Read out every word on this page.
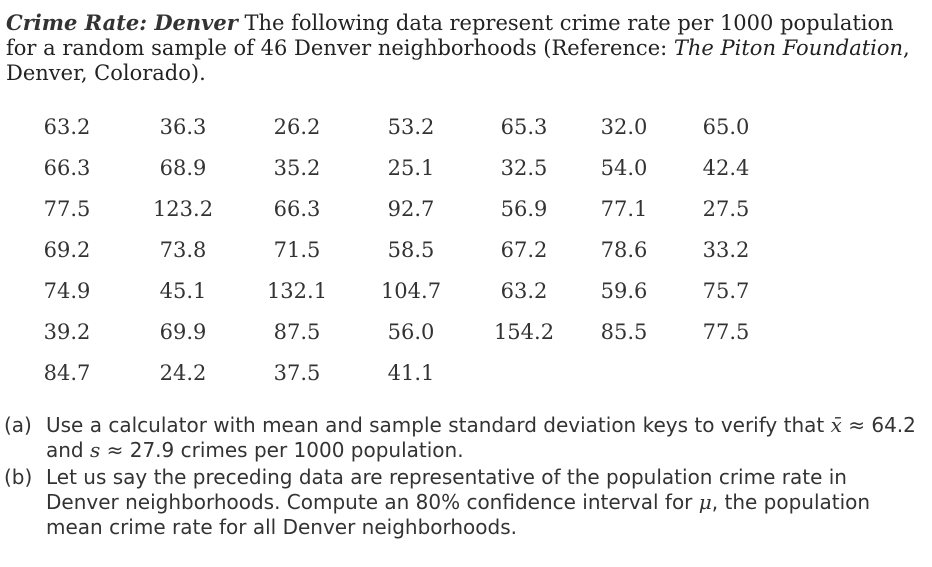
Crime Rate: Denver The following data represent crime rate per 1000 population for a random sample of 46 Denver neighborhoods (Reference: The Piton Foundation, Denver, Colorado).

63.2	36.3	26.2	53.2	65.3	32.0	65.0
66.3	68.9	35.2	25.1	32.5	54.0	42.4
77.5	123.2	66.3	92.7	56.9	77.1	27.5
69.2	73.8	71.5	58.5	67.2	78.6	33.2
74.9	45.1	132.1	104.7	63.2	59.6	75.7
39.2	69.9	87.5	56.0	154.2	85.5	77.5
84.7	24.2	37.5	41.1
(a) Use a calculator with mean and sample standard deviation keys to verify that x̄ ≈ 64.2 and s ≈ 27.9 crimes per 1000 population.
(b) Let us say the preceding data are representative of the population crime rate in Denver neighborhoods. Compute an 80% confidence interval for μ, the population mean crime rate for all Denver neighborhoods.
